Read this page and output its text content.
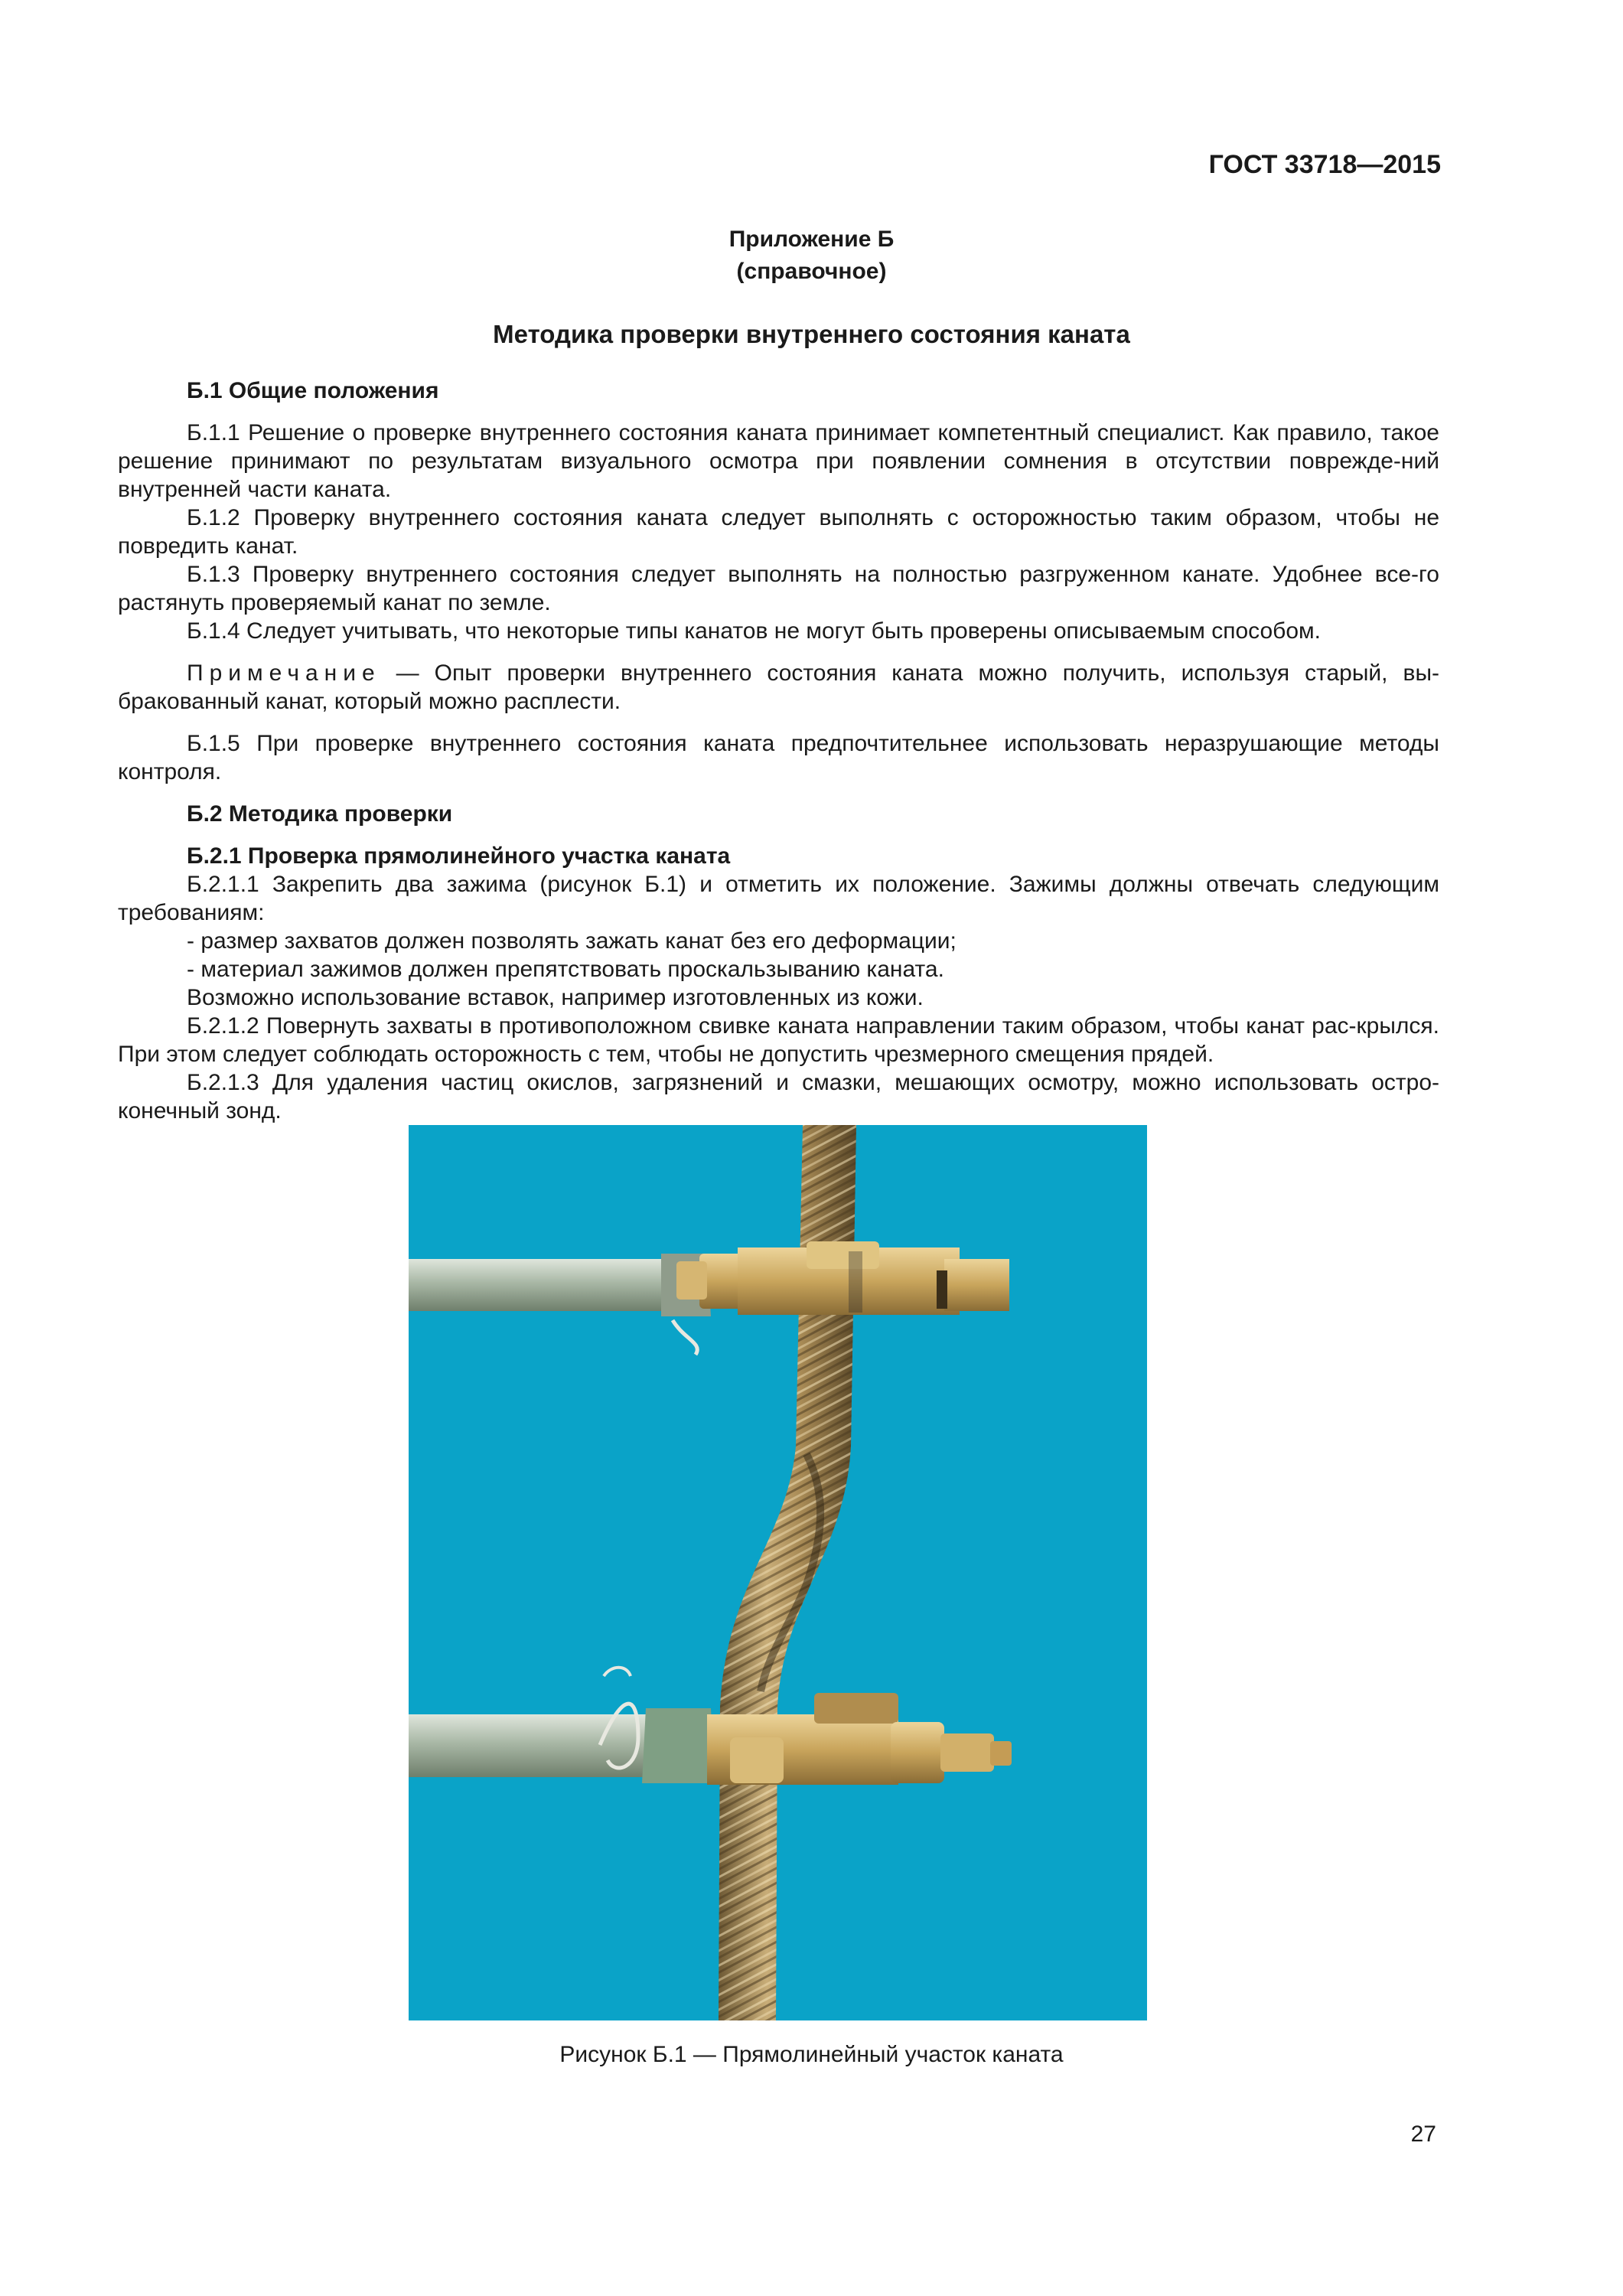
ГОСТ 33718—2015
Приложение Б
(справочное)
Методика проверки внутреннего состояния каната

Б.1 Общие положения

Б.1.1 Решение о проверке внутреннего состояния каната принимает компетентный специалист. Как правило, такое решение принимают по результатам визуального осмотра при появлении сомнения в отсутствии поврежде-ний внутренней части каната.

Б.1.2 Проверку внутреннего состояния каната следует выполнять с осторожностью таким образом, чтобы не повредить канат.

Б.1.3 Проверку внутреннего состояния следует выполнять на полностью разгруженном канате. Удобнее все-го растянуть проверяемый канат по земле.

Б.1.4 Следует учитывать, что некоторые типы канатов не могут быть проверены описываемым способом.

Примечание — Опыт проверки внутреннего состояния каната можно получить, используя старый, вы-бракованный канат, который можно расплести.

Б.1.5 При проверке внутреннего состояния каната предпочтительнее использовать неразрушающие методы контроля.

Б.2 Методика проверки

Б.2.1 Проверка прямолинейного участка каната

Б.2.1.1 Закрепить два зажима (рисунок Б.1) и отметить их положение. Зажимы должны отвечать следующим требованиям:

- размер захватов должен позволять зажать канат без его деформации;

- материал зажимов должен препятствовать проскальзыванию каната.

Возможно использование вставок, например изготовленных из кожи.

Б.2.1.2 Повернуть захваты в противоположном свивке каната направлении таким образом, чтобы канат рас-крылся. При этом следует соблюдать осторожность с тем, чтобы не допустить чрезмерного смещения прядей.

Б.2.1.3 Для удаления частиц окислов, загрязнений и смазки, мешающих осмотру, можно использовать остро-конечный зонд.

Рисунок Б.1 — Прямолинейный участок каната
27
